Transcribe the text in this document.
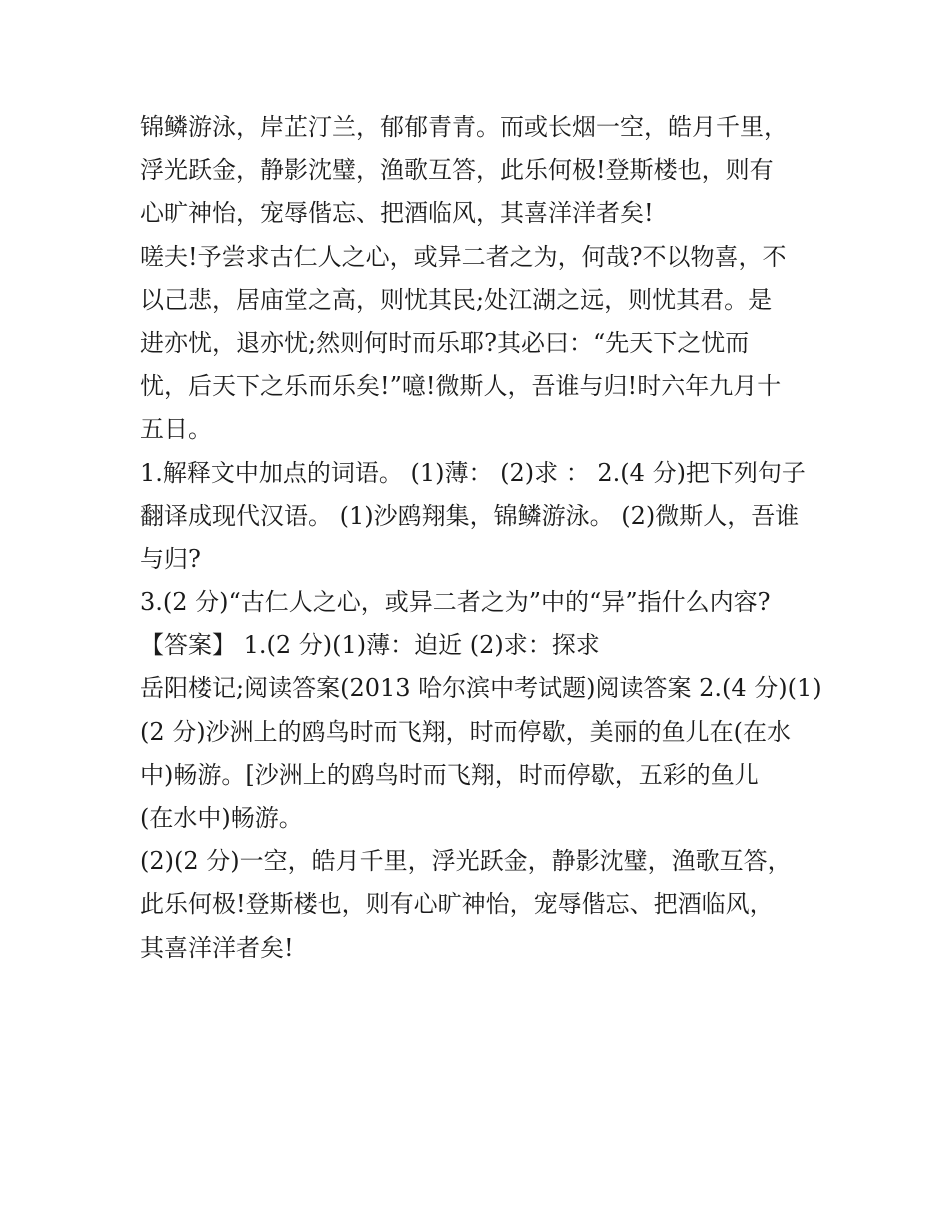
锦鳞游泳，岸芷汀兰，郁郁青青。而或长烟一空，皓月千里，
浮光跃金，静影沈璧，渔歌互答，此乐何极!登斯楼也，则有
心旷神怡，宠辱偕忘、把酒临风，其喜洋洋者矣!
嗟夫!予尝求古仁人之心，或异二者之为，何哉?不以物喜，不
以己悲，居庙堂之高，则忧其民;处江湖之远，则忧其君。是
进亦忧，退亦忧;然则何时而乐耶?其必曰：“先天下之忧而
忧，后天下之乐而乐矣!”噫!微斯人，吾谁与归!时六年九月十
五日。
1.解释文中加点的词语。 (1)薄： (2)求 ： 2.(4 分)把下列句子
翻译成现代汉语。 (1)沙鸥翔集，锦鳞游泳。 (2)微斯人，吾谁
与归?
3.(2 分)“古仁人之心，或异二者之为”中的“异”指什么内容?
【答案】 1.(2 分)(1)薄：迫近 (2)求：探求
岳阳楼记;阅读答案(2013 哈尔滨中考试题)阅读答案 2.(4 分)(1)
(2 分)沙洲上的鸥鸟时而飞翔，时而停歇，美丽的鱼儿在(在水
中)畅游。[沙洲上的鸥鸟时而飞翔，时而停歇，五彩的鱼儿
(在水中)畅游。
(2)(2 分)一空，皓月千里，浮光跃金，静影沈璧，渔歌互答，
此乐何极!登斯楼也，则有心旷神怡，宠辱偕忘、把酒临风，
其喜洋洋者矣!
